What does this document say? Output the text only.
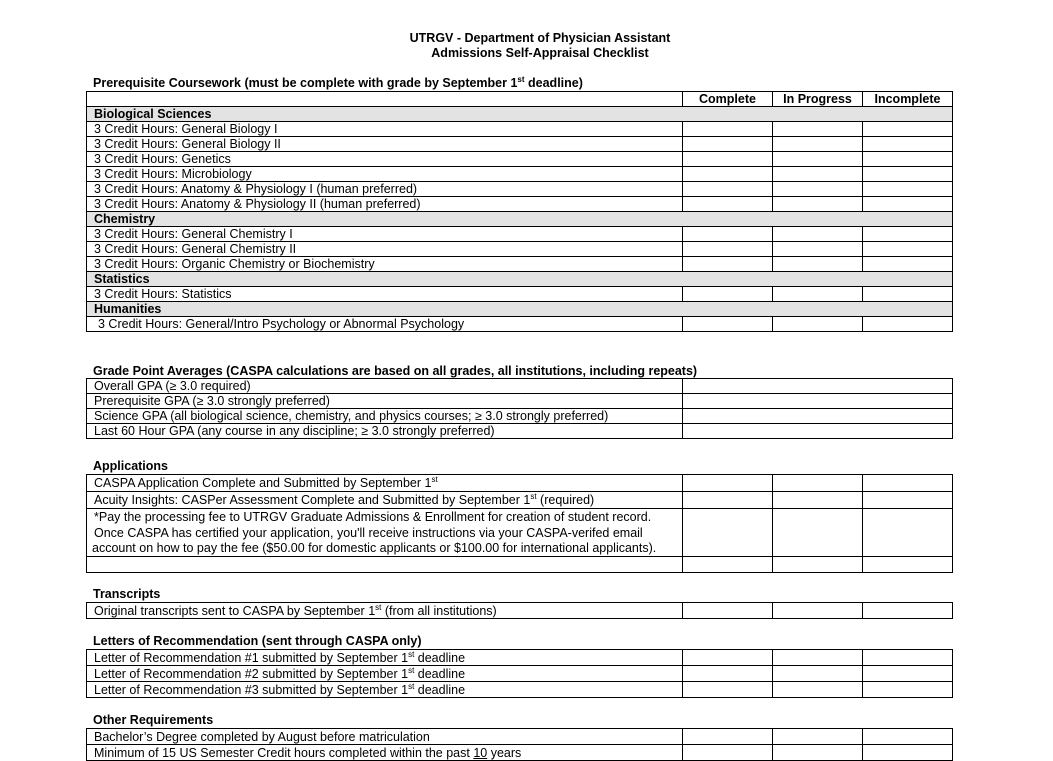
UTRGV - Department of Physician Assistant
Admissions Self-Appraisal Checklist
Prerequisite Coursework (must be complete with grade by September 1st deadline)
	Complete	In Progress	Incomplete
Biological Sciences			
3 Credit Hours: General Biology I			
3 Credit Hours: General Biology II			
3 Credit Hours: Genetics			
3 Credit Hours: Microbiology			
3 Credit Hours: Anatomy & Physiology I (human preferred)			
3 Credit Hours: Anatomy & Physiology II (human preferred)			
Chemistry			
3 Credit Hours: General Chemistry I			
3 Credit Hours: General Chemistry II			
3 Credit Hours: Organic Chemistry or Biochemistry			
Statistics			
3 Credit Hours: Statistics			
Humanities			
3 Credit Hours: General/Intro Psychology or Abnormal Psychology			
Grade Point Averages (CASPA calculations are based on all grades, all institutions, including repeats)
Overall GPA (≥ 3.0 required)	
Prerequisite GPA (≥ 3.0 strongly preferred)	
Science GPA (all biological science, chemistry, and physics courses; ≥ 3.0 strongly preferred)	
Last 60 Hour GPA (any course in any discipline; ≥ 3.0 strongly preferred)	
Applications
CASPA Application Complete and Submitted by September 1st			
Acuity Insights: CASPer Assessment Complete and Submitted by September 1st (required)			
*Pay the processing fee to UTRGV Graduate Admissions & Enrollment for creation of student record.			
Once CASPA has certified your application, you'll receive instructions via your CASPA-verifed email			
account on how to pay the fee ($50.00 for domestic applicants or $100.00 for international applicants).			

Transcripts
Original transcripts sent to CASPA by September 1st (from all institutions)			
Letters of Recommendation (sent through CASPA only)
Letter of Recommendation #1 submitted by September 1st deadline			
Letter of Recommendation #2 submitted by September 1st deadline			
Letter of Recommendation #3 submitted by September 1st deadline			
Other Requirements
Bachelor’s Degree completed by August before matriculation			
Minimum of 15 US Semester Credit hours completed within the past 10 years			
